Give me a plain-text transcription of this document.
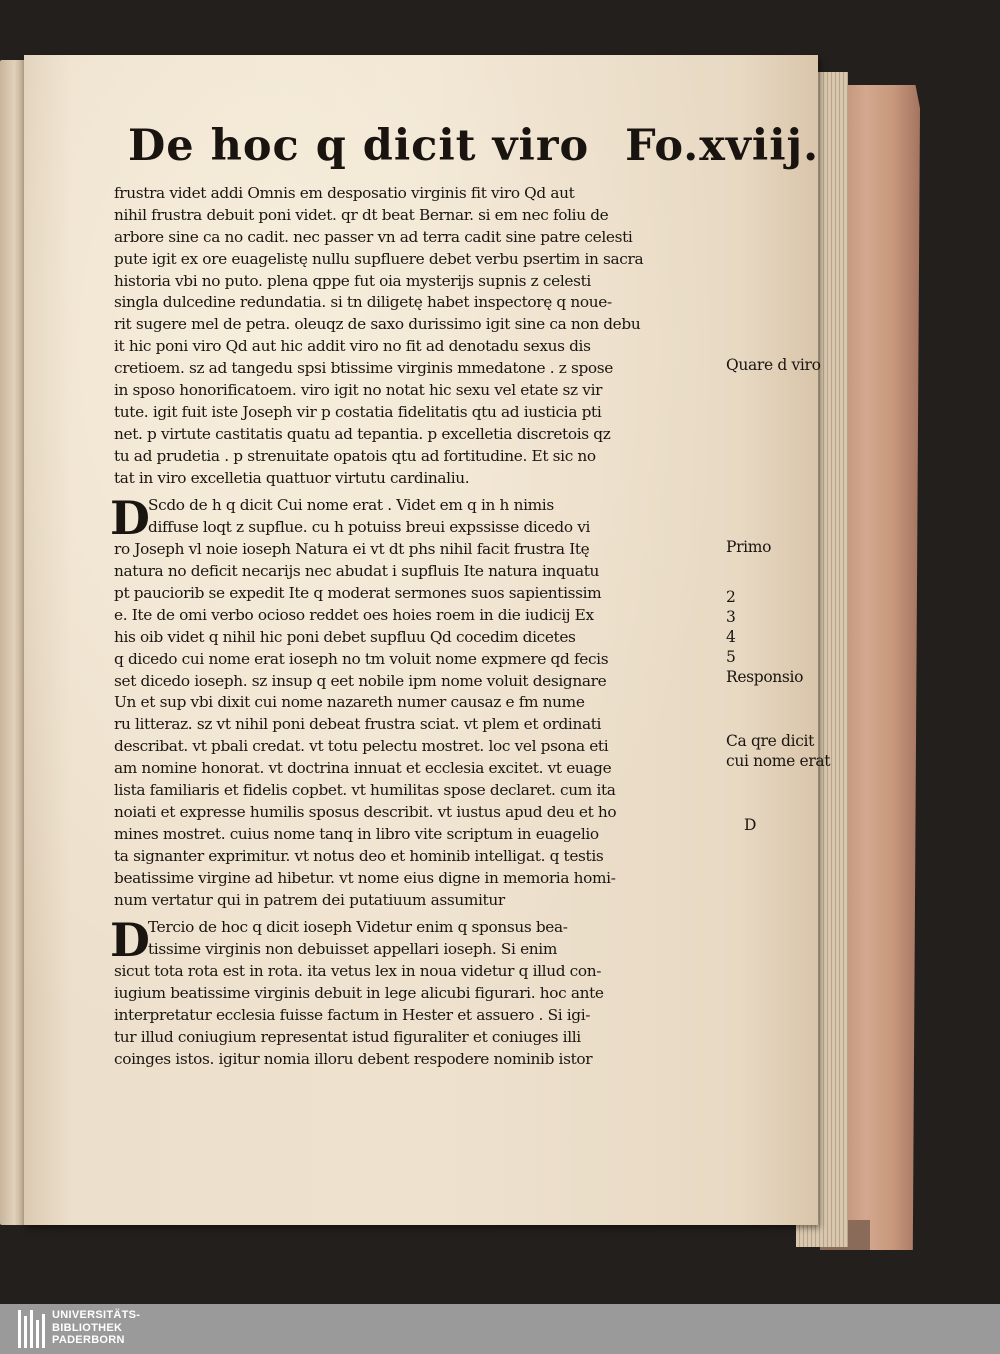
De hoc q dicit viro Fo.xviij.
frustra videt addi Omnis em desposatio virginis fit viro Qd aut
nihil frustra debuit poni videt. qr dt beat Bernar. si em nec foliu de
arbore sine ca no cadit. nec passer vn ad terra cadit sine patre celesti
pute igit ex ore euagelistę nullu supfluere debet verbu psertim in sacra
historia vbi no puto. plena qppe fut oia mysterijs supnis z celesti
singla dulcedine redundatia. si tn diligetę habet inspectorę q noue-
rit sugere mel de petra. oleuqz de saxo durissimo igit sine ca non debu
it hic poni viro Qd aut hic addit viro no fit ad denotadu sexus dis
cretioem. sz ad tangedu spsi btissime virginis mmedatone . z spose
in sposo honorificatoem. viro igit no notat hic sexu vel etate sz vir
tute. igit fuit iste Joseph vir p costatia fidelitatis qtu ad iusticia pti
net. p virtute castitatis quatu ad tepantia. p excelletia discretois qz
tu ad prudetia . p strenuitate opatois qtu ad fortitudine. Et sic no
tat in viro excelletia quattuor virtutu cardinaliu.
D
Scdo de h q dicit Cui nome erat . Videt em q in h nimis
diffuse loqt z supflue. cu h potuiss breui expssisse dicedo vi
ro Joseph vl noie ioseph Natura ei vt dt phs nihil facit frustra Itę
natura no deficit necarijs nec abudat i supfluis Ite natura inquatu
pt pauciorib se expedit Ite q moderat sermones suos sapientissim
e. Ite de omi verbo ocioso reddet oes hoies roem in die iudicij Ex
his oib videt q nihil hic poni debet supfluu Qd cocedim dicetes
q dicedo cui nome erat ioseph no tm voluit nome expmere qd fecis
set dicedo ioseph. sz insup q eet nobile ipm nome voluit designare
Un et sup vbi dixit cui nome nazareth numer causaz e fm nume
ru litteraz. sz vt nihil poni debeat frustra sciat. vt plem et ordinati
describat. vt pbali credat. vt totu pelectu mostret. loc vel psona eti
am nomine honorat. vt doctrina innuat et ecclesia excitet. vt euage
lista familiaris et fidelis copbet. vt humilitas spose declaret. cum ita
noiati et expresse humilis sposus describit. vt iustus apud deu et ho
mines mostret. cuius nome tanq in libro vite scriptum in euagelio
ta signanter exprimitur. vt notus deo et hominib intelligat. q testis
beatissime virgine ad hibetur. vt nome eius digne in memoria homi-
num vertatur qui in patrem dei putatiuum assumitur
D
Tercio de hoc q dicit ioseph Videtur enim q sponsus bea-
tissime virginis non debuisset appellari ioseph. Si enim
sicut tota rota est in rota. ita vetus lex in noua videtur q illud con-
iugium beatissime virginis debuit in lege alicubi figurari. hoc ante
interpretatur ecclesia fuisse factum in Hester et assuero . Si igi-
tur illud coniugium representat istud figuraliter et coniuges illi
coinges istos. igitur nomia illoru debent respodere nominib istor
Quare d viro
Primo
2
3
4
5
Responsio
Ca qre dicit
cui nome erat
D
UNIVERSITÄTS-
BIBLIOTHEK
PADERBORN
